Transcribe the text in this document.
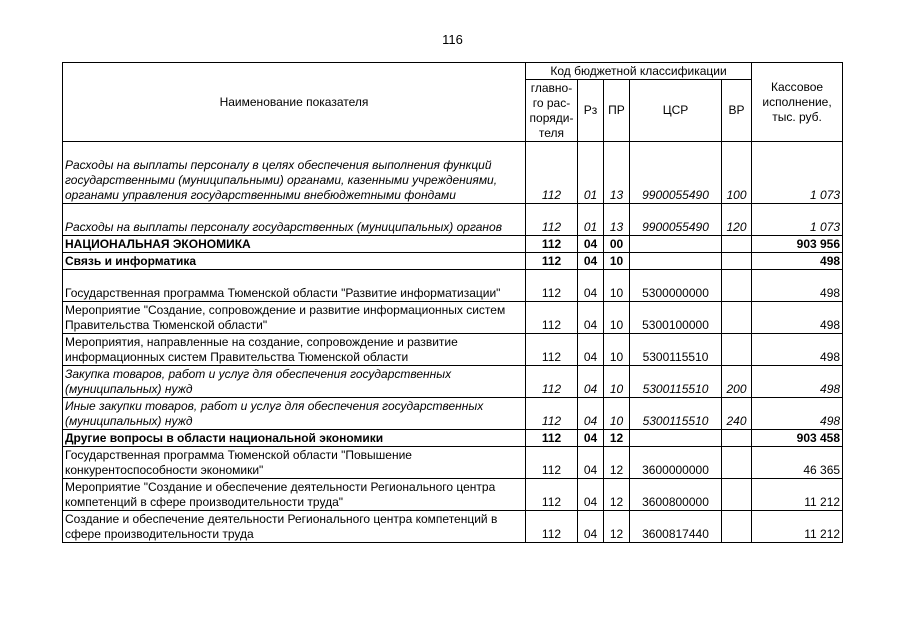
116
Наименование показателя	Код бюджетной классификации					Кассовое исполнение, тыс. руб.
	главно-го рас-поряди-теля	Рз	ПР	ЦСР	ВР	
Расходы на выплаты персоналу в целях обеспечения выполнения функций государственными (муниципальными) органами, казенными учреждениями, органами управления государственными внебюджетными фондами	112	01	13	9900055490	100	1 073
Расходы на выплаты персоналу государственных (муниципальных) органов	112	01	13	9900055490	120	1 073
НАЦИОНАЛЬНАЯ ЭКОНОМИКА	112	04	00			903 956
Связь и информатика	112	04	10			498
Государственная программа Тюменской области "Развитие информатизации"	112	04	10	5300000000		498
Мероприятие "Создание, сопровождение и развитие информационных систем Правительства Тюменской области"	112	04	10	5300100000		498
Мероприятия, направленные на создание, сопровождение и развитие информационных систем Правительства Тюменской области	112	04	10	5300115510		498
Закупка товаров, работ и услуг для обеспечения государственных (муниципальных) нужд	112	04	10	5300115510	200	498
Иные закупки товаров, работ и услуг для обеспечения государственных (муниципальных) нужд	112	04	10	5300115510	240	498
Другие вопросы в области национальной экономики	112	04	12			903 458
Государственная программа Тюменской области "Повышение конкурентоспособности экономики"	112	04	12	3600000000		46 365
Мероприятие "Создание и обеспечение деятельности Регионального центра компетенций в сфере производительности труда"	112	04	12	3600800000		11 212
Создание и обеспечение деятельности Регионального центра компетенций в сфере производительности труда	112	04	12	3600817440		11 212
